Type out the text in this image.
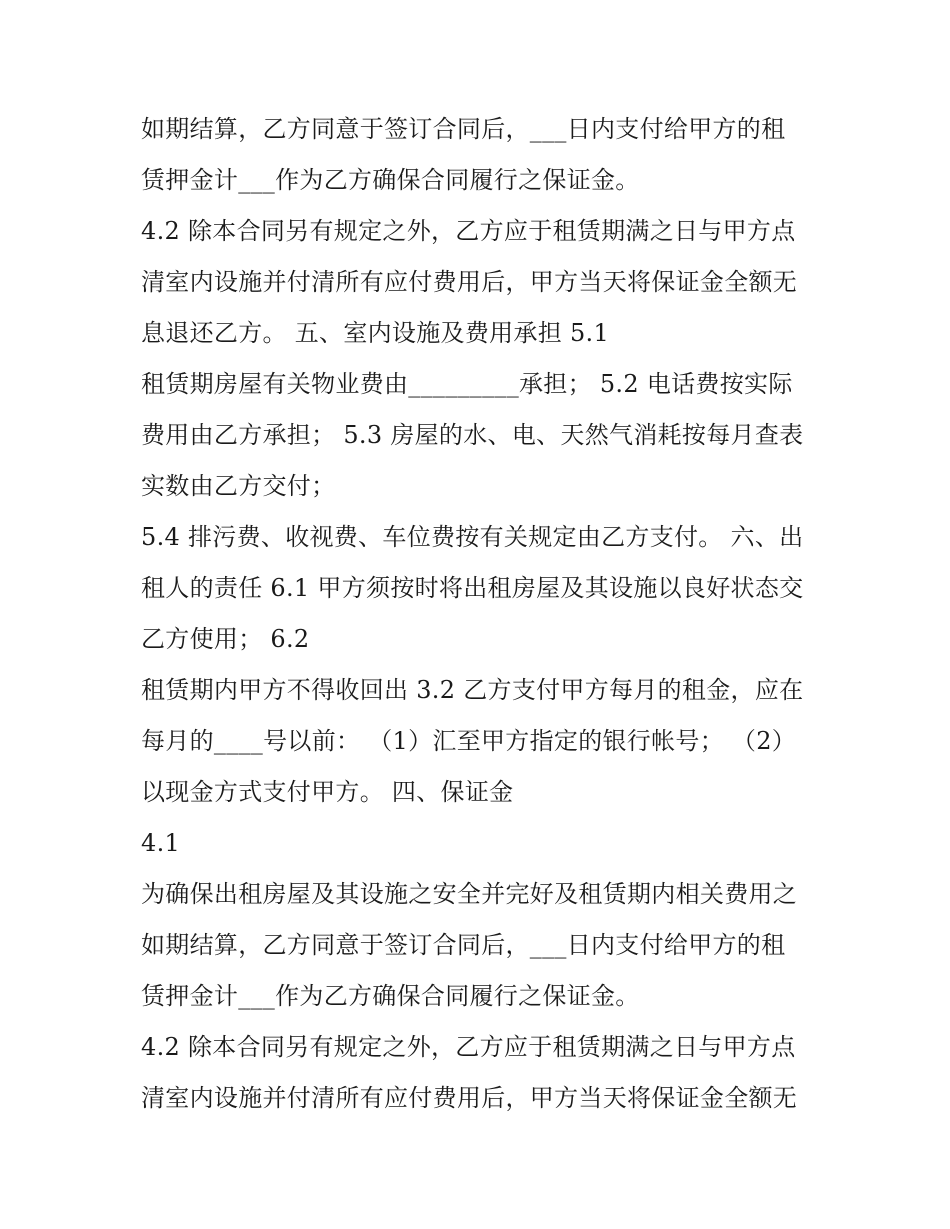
如期结算，乙方同意于签订合同后，___日内支付给甲方的租
赁押金计___作为乙方确保合同履行之保证金。
4.2 除本合同另有规定之外，乙方应于租赁期满之日与甲方点
清室内设施并付清所有应付费用后，甲方当天将保证金全额无
息退还乙方。 五、室内设施及费用承担 5.1
租赁期房屋有关物业费由_________承担； 5.2 电话费按实际
费用由乙方承担； 5.3 房屋的水、电、天然气消耗按每月查表
实数由乙方交付；
5.4 排污费、收视费、车位费按有关规定由乙方支付。 六、出
租人的责任 6.1 甲方须按时将出租房屋及其设施以良好状态交
乙方使用； 6.2
租赁期内甲方不得收回出 3.2 乙方支付甲方每月的租金，应在
每月的____号以前： （1）汇至甲方指定的银行帐号； （2）
以现金方式支付甲方。 四、保证金
4.1
为确保出租房屋及其设施之安全并完好及租赁期内相关费用之
如期结算，乙方同意于签订合同后，___日内支付给甲方的租
赁押金计___作为乙方确保合同履行之保证金。
4.2 除本合同另有规定之外，乙方应于租赁期满之日与甲方点
清室内设施并付清所有应付费用后，甲方当天将保证金全额无
